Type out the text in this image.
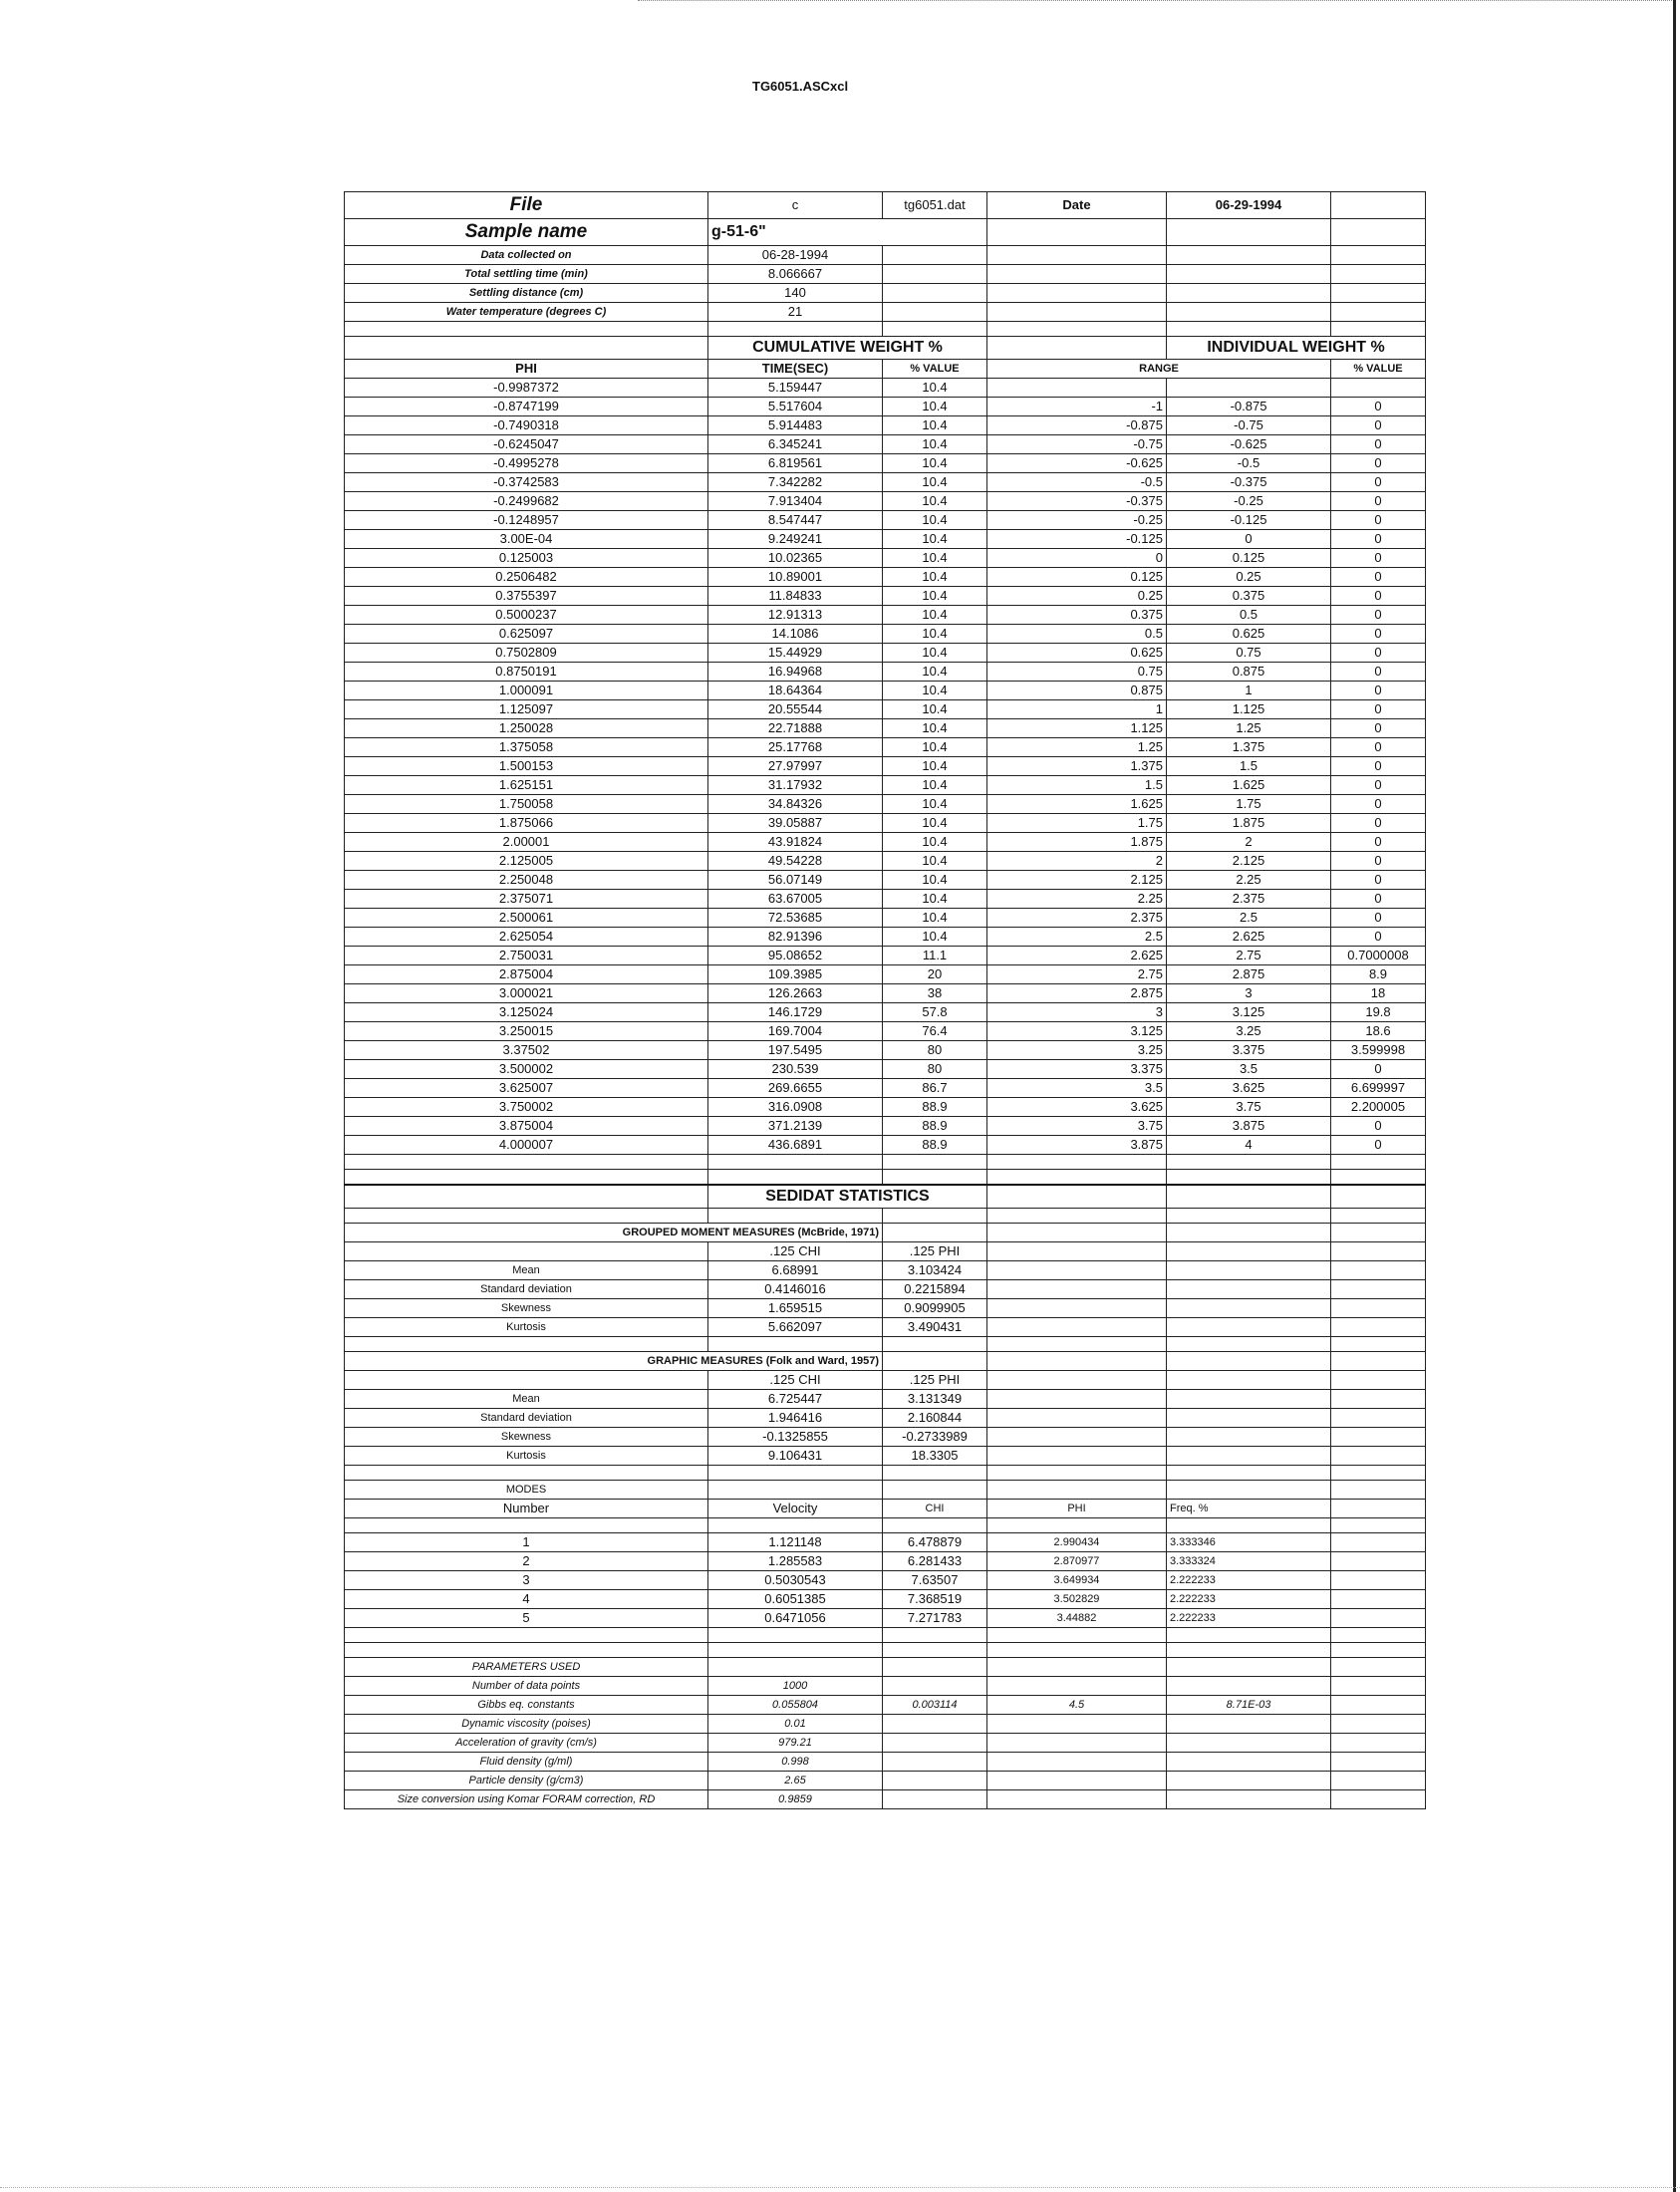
TG6051.ASCxcl
File	c	tg6051.dat	Date	06-29-1994	
Sample name	g-51-6"				
Data collected on	06-28-1994				
Total settling time (min)	8.066667				
Settling distance (cm)	140				
Water temperature (degrees C)	21				

	CUMULATIVE WEIGHT %			INDIVIDUAL WEIGHT %	
PHI	TIME(SEC)	% VALUE	RANGE		% VALUE
-0.9987372	5.159447	10.4			
-0.8747199	5.517604	10.4	-1	-0.875	0
-0.7490318	5.914483	10.4	-0.875	-0.75	0
-0.6245047	6.345241	10.4	-0.75	-0.625	0
-0.4995278	6.819561	10.4	-0.625	-0.5	0
-0.3742583	7.342282	10.4	-0.5	-0.375	0
-0.2499682	7.913404	10.4	-0.375	-0.25	0
-0.1248957	8.547447	10.4	-0.25	-0.125	0
3.00E-04	9.249241	10.4	-0.125	0	0
0.125003	10.02365	10.4	0	0.125	0
0.2506482	10.89001	10.4	0.125	0.25	0
0.3755397	11.84833	10.4	0.25	0.375	0
0.5000237	12.91313	10.4	0.375	0.5	0
0.625097	14.1086	10.4	0.5	0.625	0
0.7502809	15.44929	10.4	0.625	0.75	0
0.8750191	16.94968	10.4	0.75	0.875	0
1.000091	18.64364	10.4	0.875	1	0
1.125097	20.55544	10.4	1	1.125	0
1.250028	22.71888	10.4	1.125	1.25	0
1.375058	25.17768	10.4	1.25	1.375	0
1.500153	27.97997	10.4	1.375	1.5	0
1.625151	31.17932	10.4	1.5	1.625	0
1.750058	34.84326	10.4	1.625	1.75	0
1.875066	39.05887	10.4	1.75	1.875	0
2.00001	43.91824	10.4	1.875	2	0
2.125005	49.54228	10.4	2	2.125	0
2.250048	56.07149	10.4	2.125	2.25	0
2.375071	63.67005	10.4	2.25	2.375	0
2.500061	72.53685	10.4	2.375	2.5	0
2.625054	82.91396	10.4	2.5	2.625	0
2.750031	95.08652	11.1	2.625	2.75	0.7000008
2.875004	109.3985	20	2.75	2.875	8.9
3.000021	126.2663	38	2.875	3	18
3.125024	146.1729	57.8	3	3.125	19.8
3.250015	169.7004	76.4	3.125	3.25	18.6
3.37502	197.5495	80	3.25	3.375	3.599998
3.500002	230.539	80	3.375	3.5	0
3.625007	269.6655	86.7	3.5	3.625	6.699997
3.750002	316.0908	88.9	3.625	3.75	2.200005
3.875004	371.2139	88.9	3.75	3.875	0
4.000007	436.6891	88.9	3.875	4	0

	SEDIDAT STATISTICS				

GROUPED MOMENT MEASURES (McBride, 1971)					
	.125 CHI	.125 PHI			
Mean	6.68991	3.103424			
Standard deviation	0.4146016	0.2215894			
Skewness	1.659515	0.9099905			
Kurtosis	5.662097	3.490431			

GRAPHIC MEASURES (Folk and Ward, 1957)					
	.125 CHI	.125 PHI			
Mean	6.725447	3.131349			
Standard deviation	1.946416	2.160844			
Skewness	-0.1325855	-0.2733989			
Kurtosis	9.106431	18.3305			

MODES					
Number	Velocity	CHI	PHI	Freq. %	

1	1.121148	6.478879	2.990434	3.333346	
2	1.285583	6.281433	2.870977	3.333324	
3	0.5030543	7.63507	3.649934	2.222233	
4	0.6051385	7.368519	3.502829	2.222233	
5	0.6471056	7.271783	3.44882	2.222233	

PARAMETERS USED					
Number of data points	1000				
Gibbs eq. constants	0.055804	0.003114	4.5	8.71E-03	
Dynamic viscosity (poises)	0.01				
Acceleration of gravity (cm/s)	979.21				
Fluid density (g/ml)	0.998				
Particle density (g/cm3)	2.65				
Size conversion using Komar FORAM correction, RD	0.9859				
